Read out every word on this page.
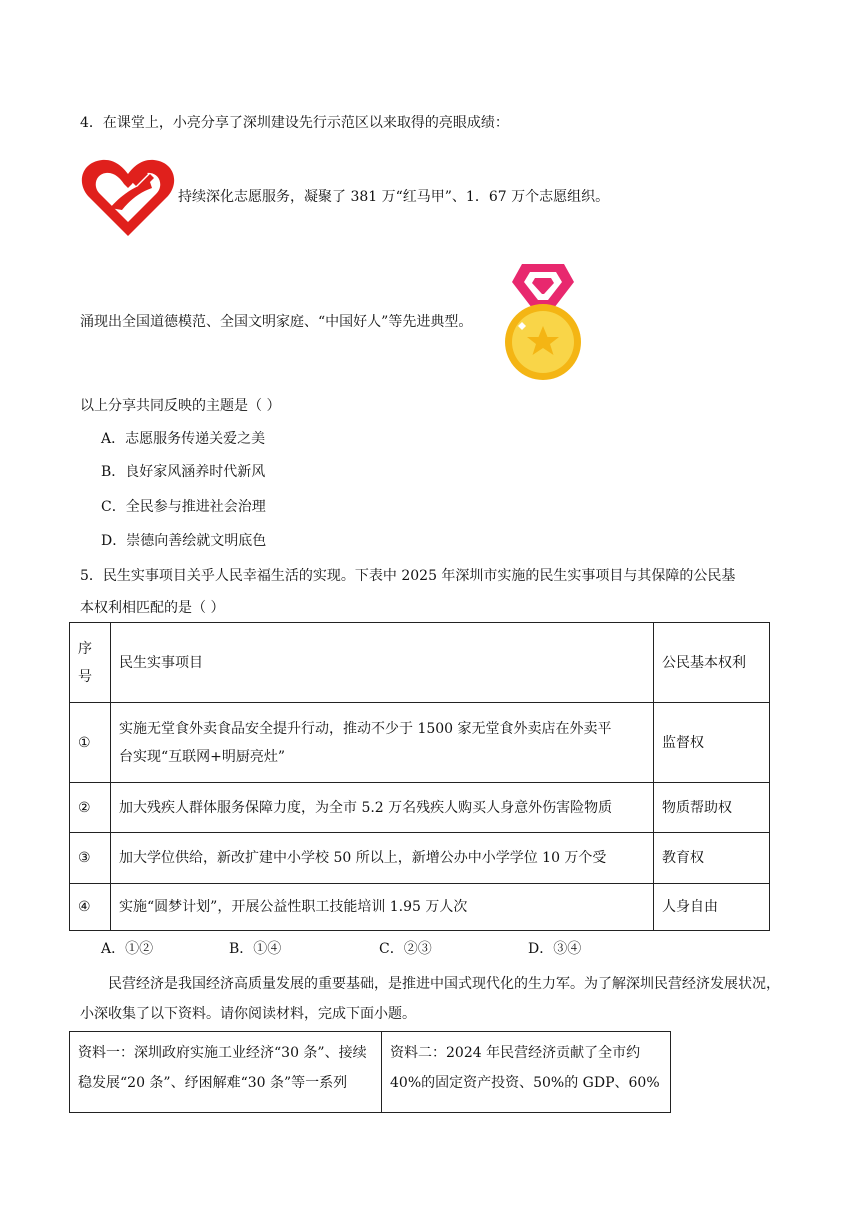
4．在课堂上，小亮分享了深圳建设先行示范区以来取得的亮眼成绩：
持续深化志愿服务，凝聚了 381 万“红马甲”、1．67 万个志愿组织。
涌现出全国道德模范、全国文明家庭、“中国好人”等先进典型。
以上分享共同反映的主题是（ ）
A．志愿服务传递关爱之美
B．良好家风涵养时代新风
C．全民参与推进社会治理
D．崇德向善绘就文明底色
5．民生实事项目关乎人民幸福生活的实现。下表中 2025 年深圳市实施的民生实事项目与其保障的公民基
本权利相匹配的是（ ）
序
号	民生实事项目	公民基本权利
①	实施无堂食外卖食品安全提升行动，推动不少于 1500 家无堂食外卖店在外卖平
台实现“互联网+明厨亮灶”	监督权
②	加大残疾人群体服务保障力度，为全市 5.2 万名残疾人购买人身意外伤害险物质	物质帮助权
③	加大学位供给，新改扩建中小学校 50 所以上，新增公办中小学学位 10 万个受	教育权
④	实施“圆梦计划”，开展公益性职工技能培训 1.95 万人次	人身自由
A．①②	B．①④	C．②③	D．③④
民营经济是我国经济高质量发展的重要基础，是推进中国式现代化的生力军。为了解深圳民营经济发展状况，小深收集了以下资料。请你阅读材料，完成下面小题。
资料一：深圳政府实施工业经济“30 条”、接续稳发展“20 条”、纾困解难“30 条”等一系列	资料二：2024 年民营经济贡献了全市约 40%的固定资产投资、50%的 GDP、60%
